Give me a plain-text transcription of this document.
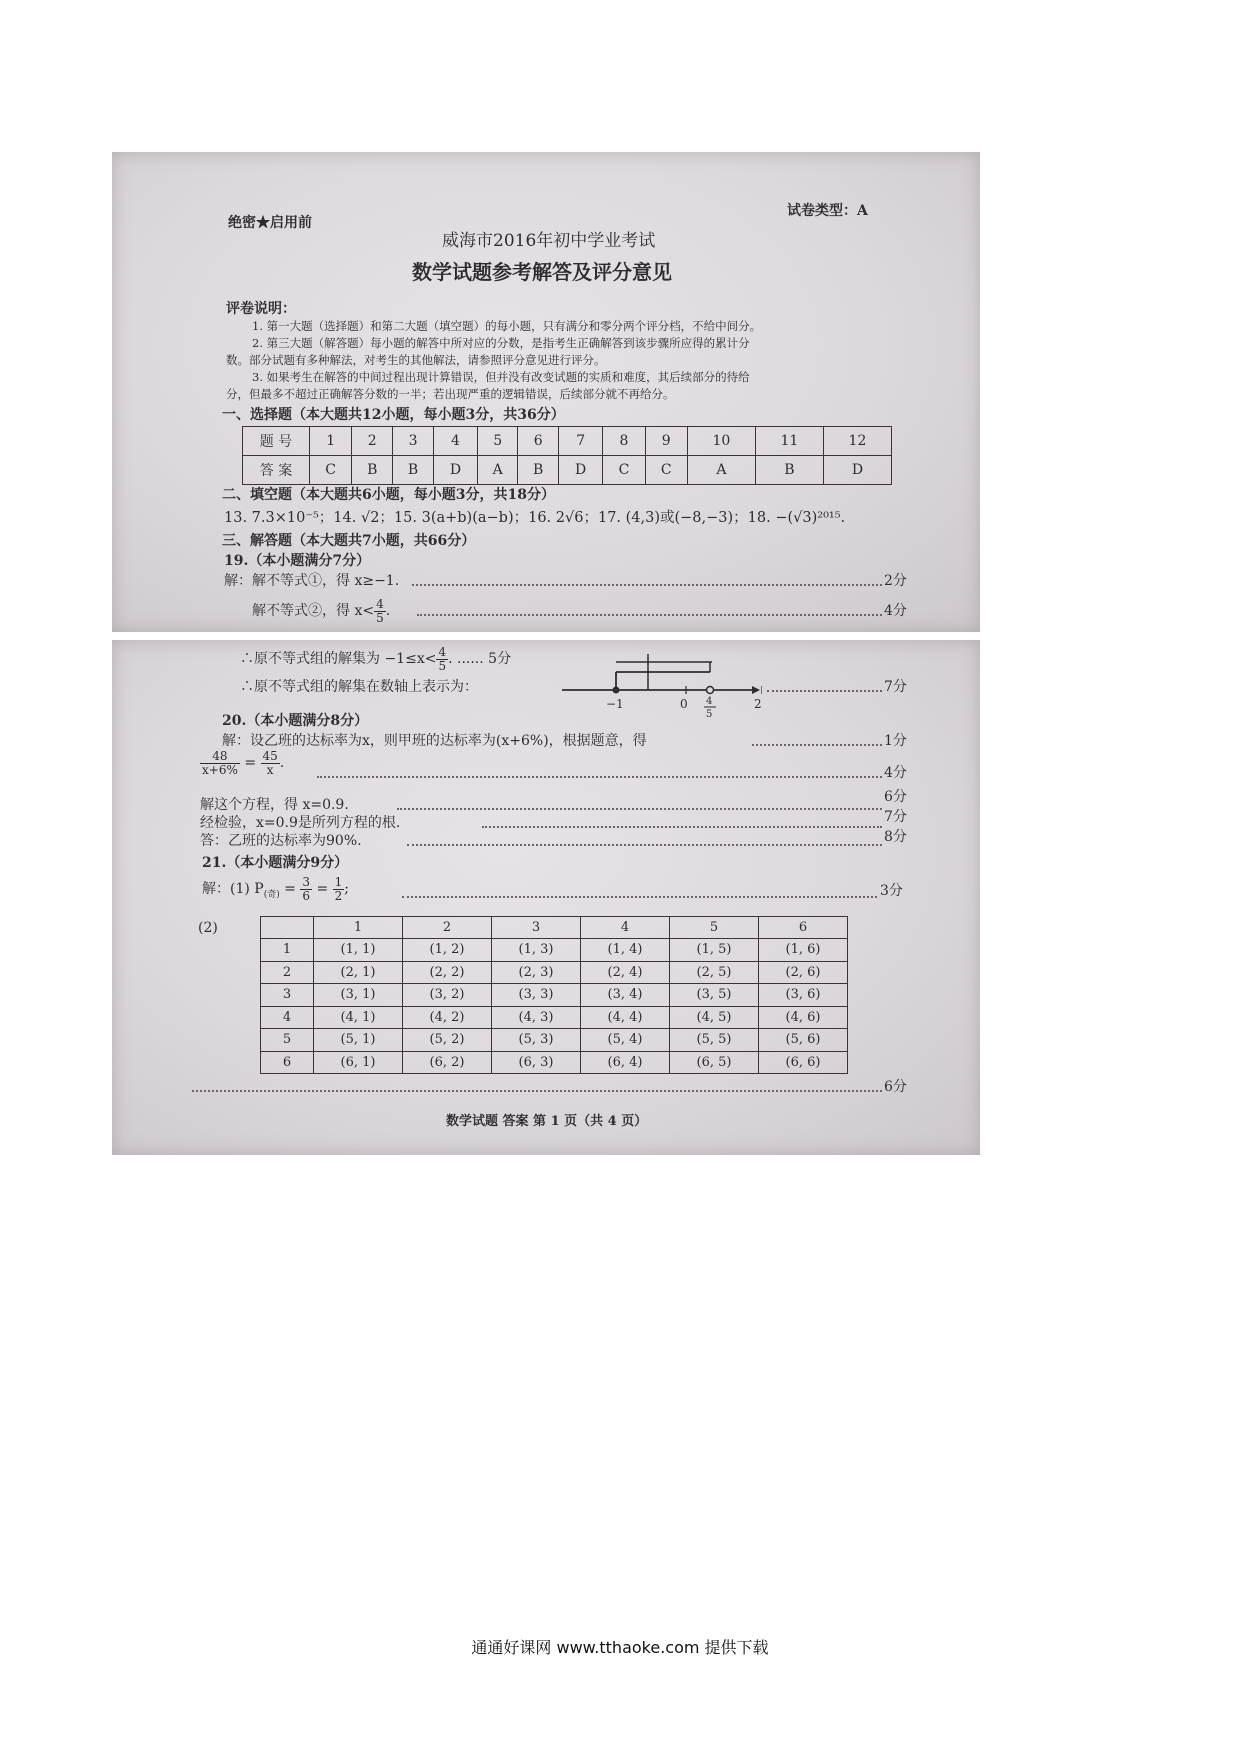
绝密★启用前
试卷类型：A
威海市2016年初中学业考试
数学试题参考解答及评分意见
评卷说明：
1. 第一大题（选择题）和第二大题（填空题）的每小题，只有满分和零分两个评分档，不给中间分。
2. 第三大题（解答题）每小题的解答中所对应的分数，是指考生正确解答到该步骤所应得的累计分
数。部分试题有多种解法，对考生的其他解法，请参照评分意见进行评分。
3. 如果考生在解答的中间过程出现计算错误，但并没有改变试题的实质和难度，其后续部分的待给
分，但最多不超过正确解答分数的一半；若出现严重的逻辑错误，后续部分就不再给分。
一、选择题（本大题共12小题，每小题3分，共36分）
题 号	1	2	3	4	5	6	7	8	9	10	11	12
答 案	C	B	B	D	A	B	D	C	C	A	B	D
二、填空题（本大题共6小题，每小题3分，共18分）
13. 7.3×10⁻⁵；14. √2；15. 3(a+b)(a−b)；16. 2√6；17. (4,3)或(−8,−3)；18. −(√3)²⁰¹⁵.
三、解答题（本大题共7小题，共66分）
19.（本小题满分7分）
解：解不等式①，得 x≥−1.	2分
解不等式②，得 $x< \frac{4}{5}$ .	4分
∴原不等式组的解集为 $-1\le x< \frac{4}{5}$ . ...... 5分
∴原不等式组的解集在数轴上表示为：
−1	0 4
5
2
7分
20.（本小题满分8分）
解：设乙班的达标率为x，则甲班的达标率为(x+6%)，根据题意，得	1分
$\frac{48}{x+6\%} = \frac{45}{x}$ .
4分
解这个方程，得 x=0.9.	6分
经检验，x=0.9是所列方程的根.	7分
答：乙班的达标率为90%.	8分
21.（本小题满分9分）
解：(1) $P_{(奇)} = \frac{3}{6} = \frac{1}{2}$ ;	3分
(2)
		1	2	3	4	5	6
1	(1, 1)	(1, 2)	(1, 3)	(1, 4)	(1, 5)	(1, 6)
2	(2, 1)	(2, 2)	(2, 3)	(2, 4)	(2, 5)	(2, 6)
3	(3, 1)	(3, 2)	(3, 3)	(3, 4)	(3, 5)	(3, 6)
4	(4, 1)	(4, 2)	(4, 3)	(4, 4)	(4, 5)	(4, 6)
5	(5, 1)	(5, 2)	(5, 3)	(5, 4)	(5, 5)	(5, 6)
6	(6, 1)	(6, 2)	(6, 3)	(6, 4)	(6, 5)	(6, 6)
6分
数学试题 答案 第 1 页（共 4 页）
通通好课网 www.tthaoke.com 提供下载
